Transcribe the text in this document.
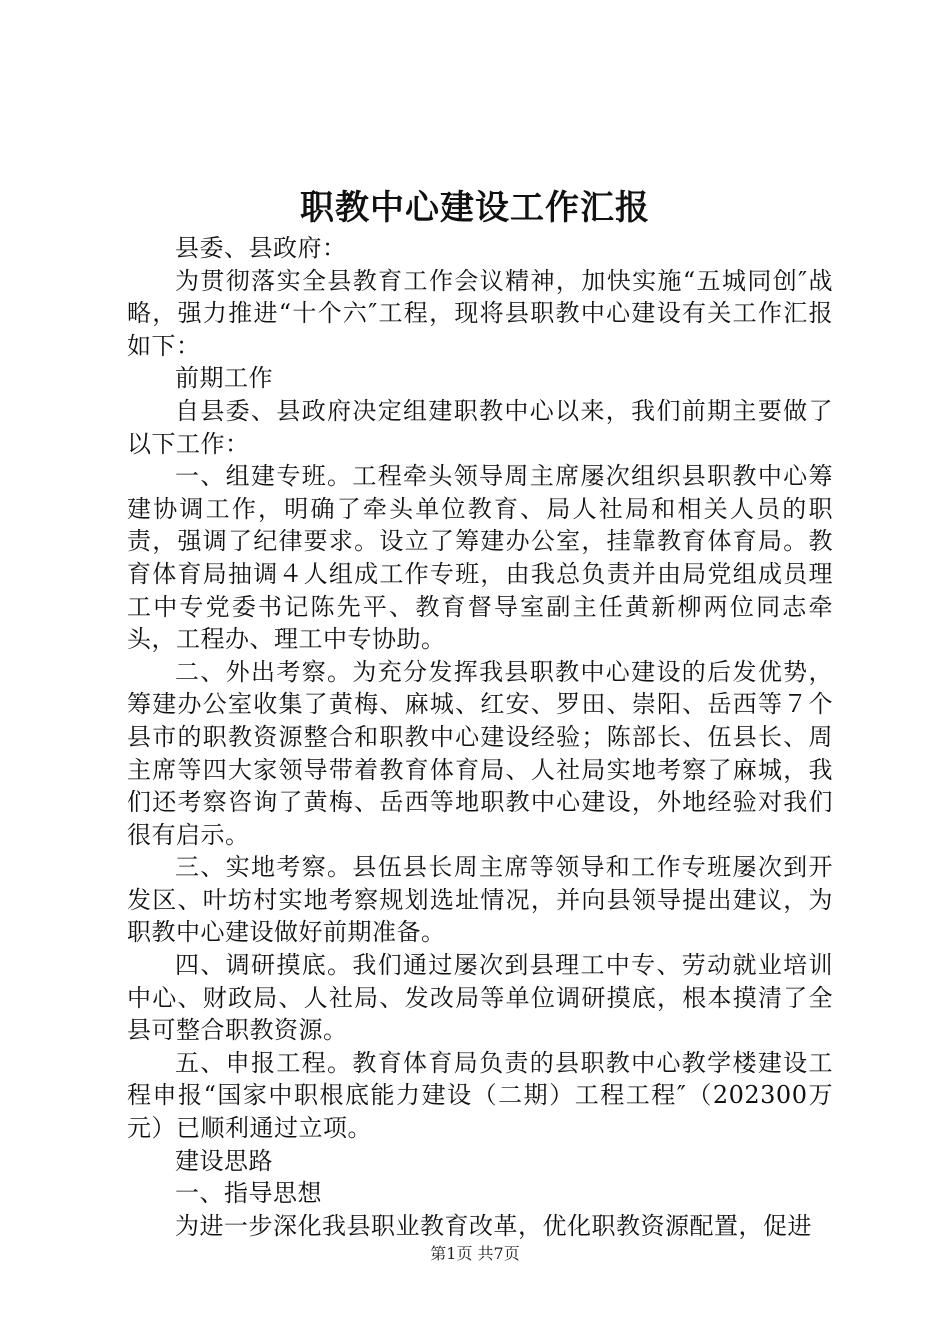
职教中心建设工作汇报

县委、县政府：

为贯彻落实全县教育工作会议精神，加快实施“五城同创″战略，强力推进“十个六″工程，现将县职教中心建设有关工作汇报如下：

前期工作

自县委、县政府决定组建职教中心以来，我们前期主要做了以下工作：

一、组建专班。工程牵头领导周主席屡次组织县职教中心筹建协调工作，明确了牵头单位教育、局人社局和相关人员的职责，强调了纪律要求。设立了筹建办公室，挂靠教育体育局。教育体育局抽调４人组成工作专班，由我总负责并由局党组成员理工中专党委书记陈先平、教育督导室副主任黄新柳两位同志牵头，工程办、理工中专协助。

二、外出考察。为充分发挥我县职教中心建设的后发优势，筹建办公室收集了黄梅、麻城、红安、罗田、崇阳、岳西等７个县市的职教资源整合和职教中心建设经验；陈部长、伍县长、周主席等四大家领导带着教育体育局、人社局实地考察了麻城，我们还考察咨询了黄梅、岳西等地职教中心建设，外地经验对我们很有启示。

三、实地考察。县伍县长周主席等领导和工作专班屡次到开发区、叶坊村实地考察规划选址情况，并向县领导提出建议，为职教中心建设做好前期准备。

四、调研摸底。我们通过屡次到县理工中专、劳动就业培训中心、财政局、人社局、发改局等单位调研摸底，根本摸清了全县可整合职教资源。

五、申报工程。教育体育局负责的县职教中心教学楼建设工程申报“国家中职根底能力建设（二期）工程工程″（202300万元）已顺利通过立项。

建设思路

一、指导思想

为进一步深化我县职业教育改革，优化职教资源配置，促进

第1页 共7页
